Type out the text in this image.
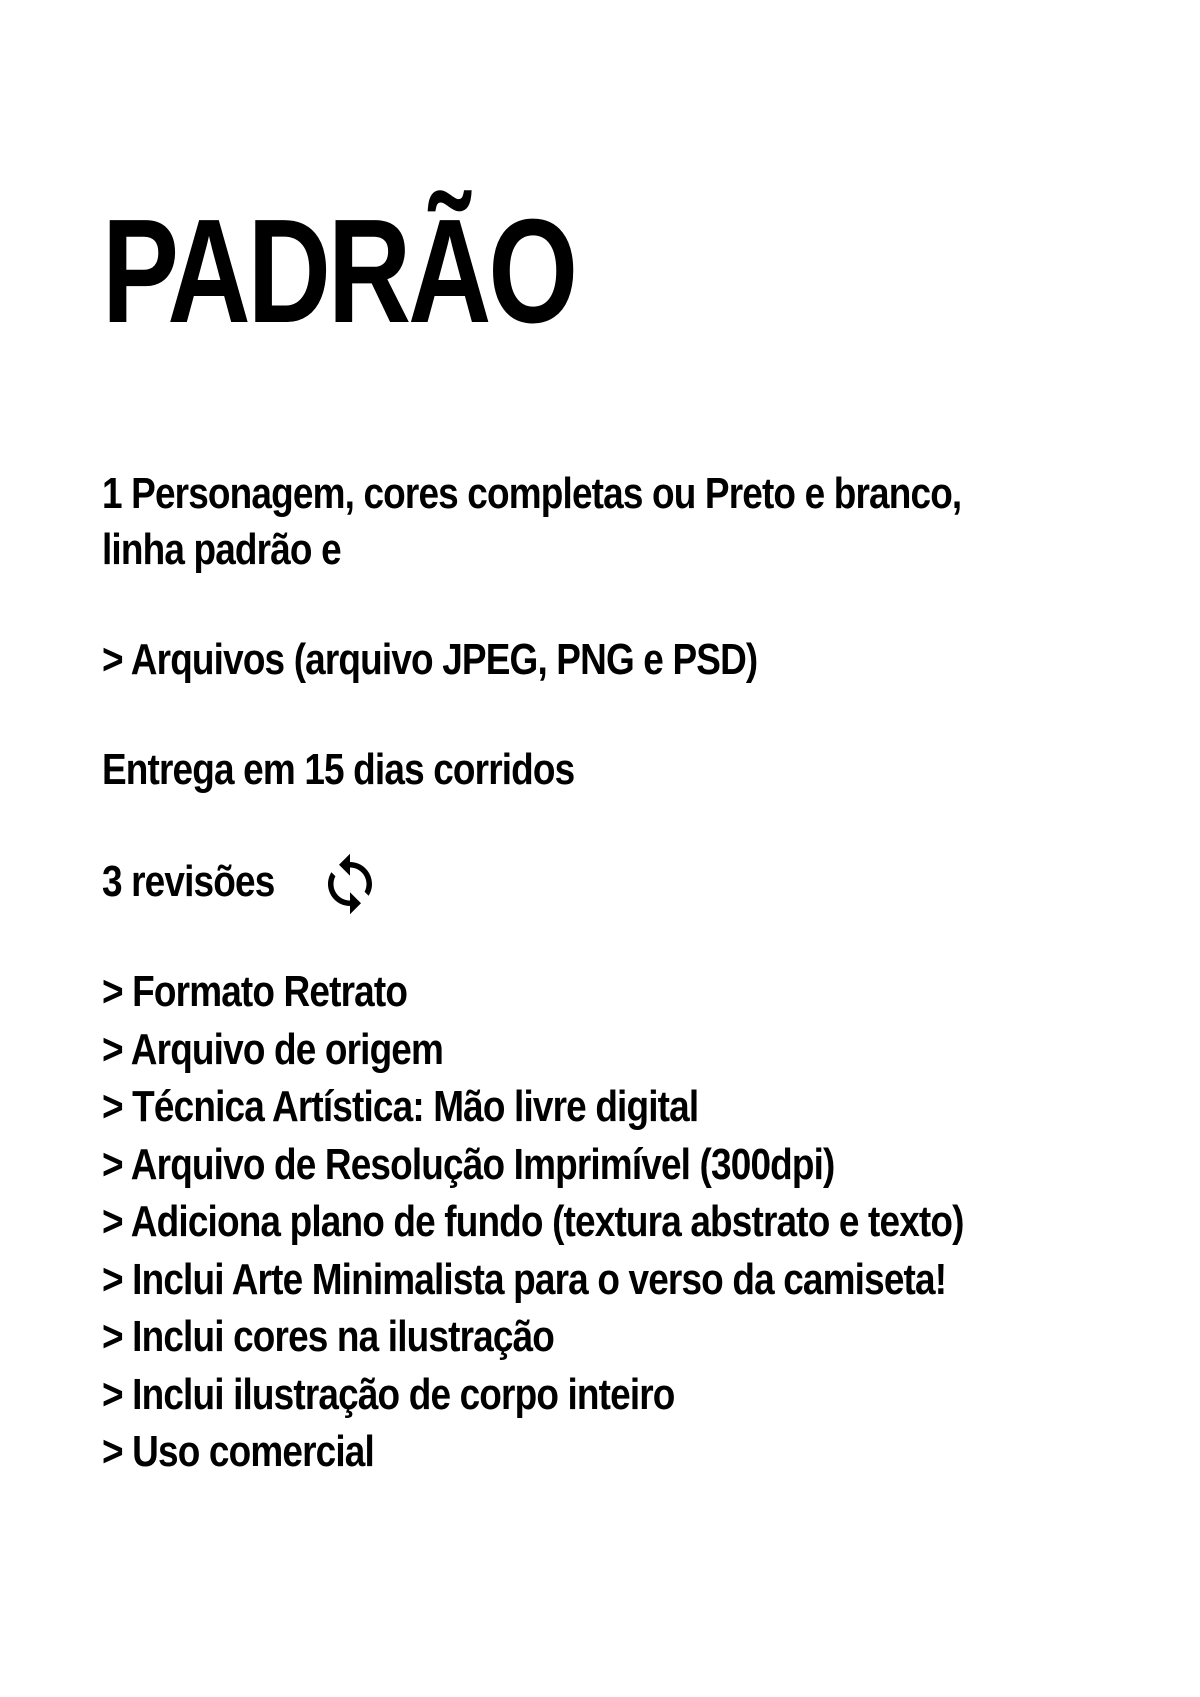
PADRÃO

1 Personagem, cores completas ou Preto e branco,

linha padrão e

> Arquivos (arquivo JPEG, PNG e PSD)

Entrega em 15 dias corridos

3 revisões

> Formato Retrato
> Arquivo de origem
> Técnica Artística: Mão livre digital
> Arquivo de Resolução Imprimível (300dpi)
> Adiciona plano de fundo (textura abstrato e texto)
> Inclui Arte Minimalista para o verso da camiseta!
> Inclui cores na ilustração
> Inclui ilustração de corpo inteiro
> Uso comercial
